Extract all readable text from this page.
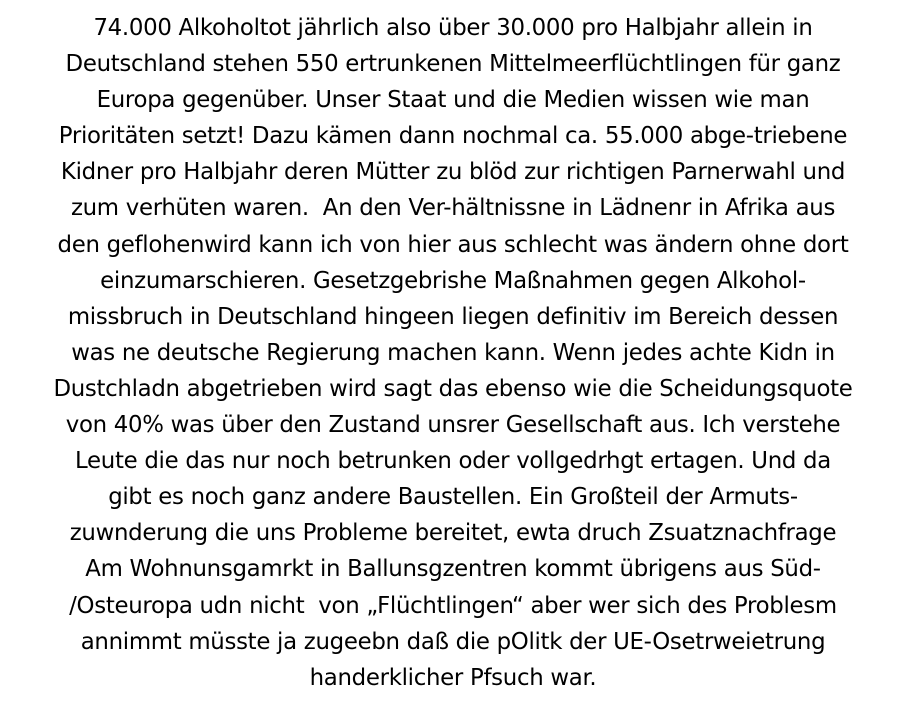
74.000 Alkoholtot jährlich also über 30.000 pro Halbjahr allein in
Deutschland stehen 550 ertrunkenen Mittelmeerflüchtlingen für ganz
Europa gegenüber. Unser Staat und die Medien wissen wie man
Prioritäten setzt! Dazu kämen dann nochmal ca. 55.000 abge-triebene
Kidner pro Halbjahr deren Mütter zu blöd zur richtigen Parnerwahl und
zum verhüten waren.  An den Ver-hältnissne in Lädnenr in Afrika aus
den geflohenwird kann ich von hier aus schlecht was ändern ohne dort
einzumarschieren. Gesetzgebrishe Maßnahmen gegen Alkohol-
missbruch in Deutschland hingeen liegen definitiv im Bereich dessen
was ne deutsche Regierung machen kann. Wenn jedes achte Kidn in
Dustchladn abgetrieben wird sagt das ebenso wie die Scheidungsquote
von 40% was über den Zustand unsrer Gesellschaft aus. Ich verstehe
Leute die das nur noch betrunken oder vollgedrhgt ertagen. Und da
gibt es noch ganz andere Baustellen. Ein Großteil der Armuts-
zuwnderung die uns Probleme bereitet, ewta druch Zsuatznachfrage
Am Wohnunsgamrkt in Ballunsgzentren kommt übrigens aus Süd-
/Osteuropa udn nicht  von „Flüchtlingen“ aber wer sich des Problesm
annimmt müsste ja zugeebn daß die pOlitk der UE-Osetrweietrung
handerklicher Pfsuch war.
